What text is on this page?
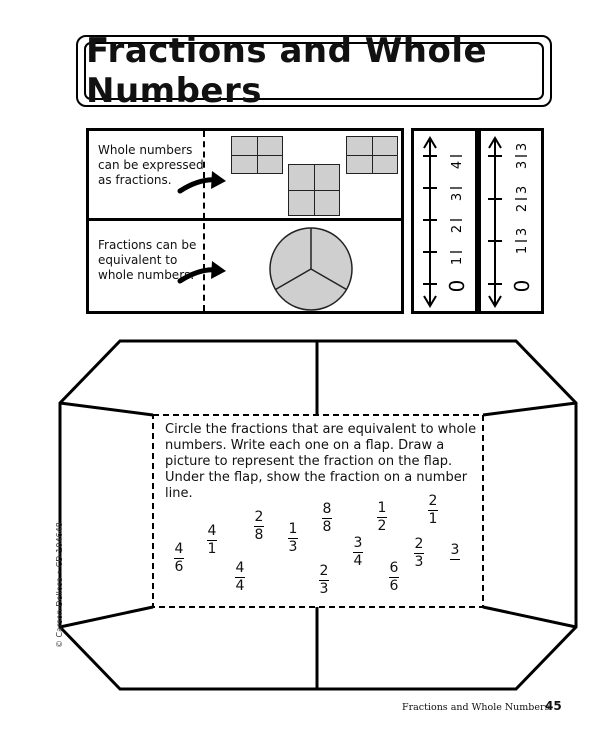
Fractions and Whole Numbers
Whole numbers can be expressed as fractions.
Fractions can be equivalent to whole numbers.
0
1
2
3
4
0
1
3
2
3
3
3
Circle the fractions that are equivalent to whole numbers. Write each one on a flap. Draw a picture to represent the fraction on the flap. Under the flap, show the fraction on a number line.
4
6
4
1
4
4
2
8 1
3
8
8
2
3
3
4
1
2
6
6
2
1
2
3
3
© Carson-Dellosa • CD-104648
Fractions and Whole Numbers
45
